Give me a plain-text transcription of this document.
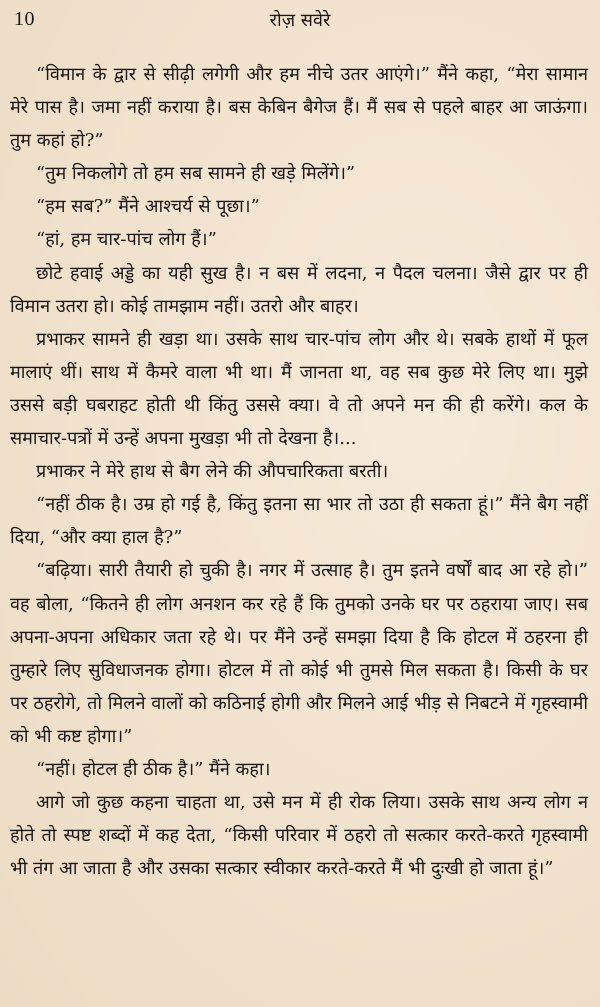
10	रोज़ सवेरे

“विमान के द्वार से सीढ़ी लगेगी और हम नीचे उतर आएंगे।” मैंने कहा, “मेरा सामान मेरे पास है। जमा नहीं कराया है। बस केबिन बैगेज हैं। मैं सब से पहले बाहर आ जाऊंगा। तुम कहां हो?”

“तुम निकलोगे तो हम सब सामने ही खड़े मिलेंगे।”

“हम सब?” मैंने आश्चर्य से पूछा।”

“हां, हम चार-पांच लोग हैं।”

छोटे हवाई अड्डे का यही सुख है। न बस में लदना, न पैदल चलना। जैसे द्वार पर ही विमान उतरा हो। कोई तामझाम नहीं। उतरो और बाहर।

प्रभाकर सामने ही खड़ा था। उसके साथ चार-पांच लोग और थे। सबके हाथों में फूल मालाएं थीं। साथ में कैमरे वाला भी था। मैं जानता था, वह सब कुछ मेरे लिए था। मुझे उससे बड़ी घबराहट होती थी किंतु उससे क्या। वे तो अपने मन की ही करेंगे। कल के समाचार-पत्रों में उन्हें अपना मुखड़ा भी तो देखना है।...

प्रभाकर ने मेरे हाथ से बैग लेने की औपचारिकता बरती।

“नहीं ठीक है। उम्र हो गई है, किंतु इतना सा भार तो उठा ही सकता हूं।” मैंने बैग नहीं दिया, “और क्या हाल है?”

“बढ़िया। सारी तैयारी हो चुकी है। नगर में उत्साह है। तुम इतने वर्षों बाद आ रहे हो।” वह बोला, “कितने ही लोग अनशन कर रहे हैं कि तुमको उनके घर पर ठहराया जाए। सब अपना-अपना अधिकार जता रहे थे। पर मैंने उन्हें समझा दिया है कि होटल में ठहरना ही तुम्हारे लिए सुविधाजनक होगा। होटल में तो कोई भी तुमसे मिल सकता है। किसी के घर पर ठहरोगे, तो मिलने वालों को कठिनाई होगी और मिलने आई भीड़ से निबटने में गृहस्वामी को भी कष्ट होगा।”

“नहीं। होटल ही ठीक है।” मैंने कहा।

आगे जो कुछ कहना चाहता था, उसे मन में ही रोक लिया। उसके साथ अन्य लोग न होते तो स्पष्ट शब्दों में कह देता, “किसी परिवार में ठहरो तो सत्कार करते-करते गृहस्वामी भी तंग आ जाता है और उसका सत्कार स्वीकार करते-करते मैं भी दुःखी हो जाता हूं।”
